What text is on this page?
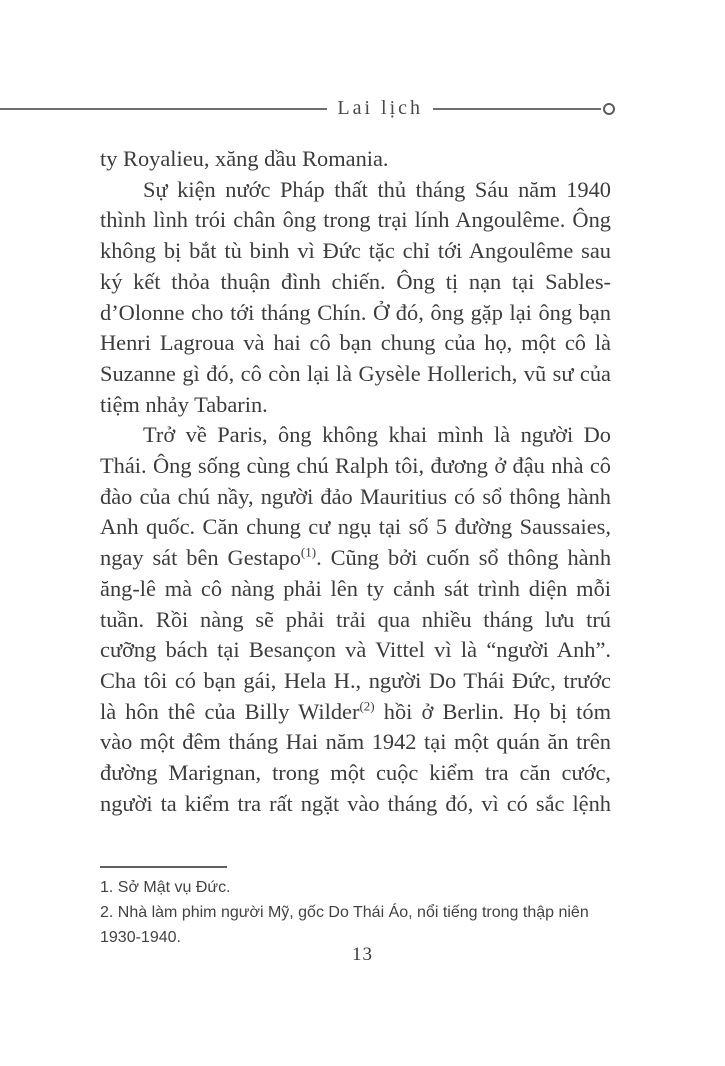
Lai lịch
ty Royalieu, xăng dầu Romania.
Sự kiện nước Pháp thất thủ tháng Sáu năm 1940
thình lình trói chân ông trong trại lính Angoulême. Ông
không bị bắt tù binh vì Đức tặc chỉ tới Angoulême sau
ký kết thỏa thuận đình chiến. Ông tị nạn tại Sables-
d’Olonne cho tới tháng Chín. Ở đó, ông gặp lại ông bạn
Henri Lagroua và hai cô bạn chung của họ, một cô là
Suzanne gì đó, cô còn lại là Gysèle Hollerich, vũ sư của
tiệm nhảy Tabarin.
Trở về Paris, ông không khai mình là người Do
Thái. Ông sống cùng chú Ralph tôi, đương ở đậu nhà cô
đào của chú nầy, người đảo Mauritius có sổ thông hành
Anh quốc. Căn chung cư ngụ tại số 5 đường Saussaies,
ngay sát bên Gestapo$^{(1)}$. Cũng bởi cuốn sổ thông hành
ăng-lê mà cô nàng phải lên ty cảnh sát trình diện mỗi
tuần. Rồi nàng sẽ phải trải qua nhiều tháng lưu trú
cưỡng bách tại Besançon và Vittel vì là “người Anh”.
Cha tôi có bạn gái, Hela H., người Do Thái Đức, trước
là hôn thê của Billy Wilder$^{(2)}$ hồi ở Berlin. Họ bị tóm
vào một đêm tháng Hai năm 1942 tại một quán ăn trên
đường Marignan, trong một cuộc kiểm tra căn cước,
người ta kiểm tra rất ngặt vào tháng đó, vì có sắc lệnh
1. Sở Mật vụ Đức.
2. Nhà làm phim người Mỹ, gốc Do Thái Áo, nổi tiếng trong thập niên 1930-1940.
13
